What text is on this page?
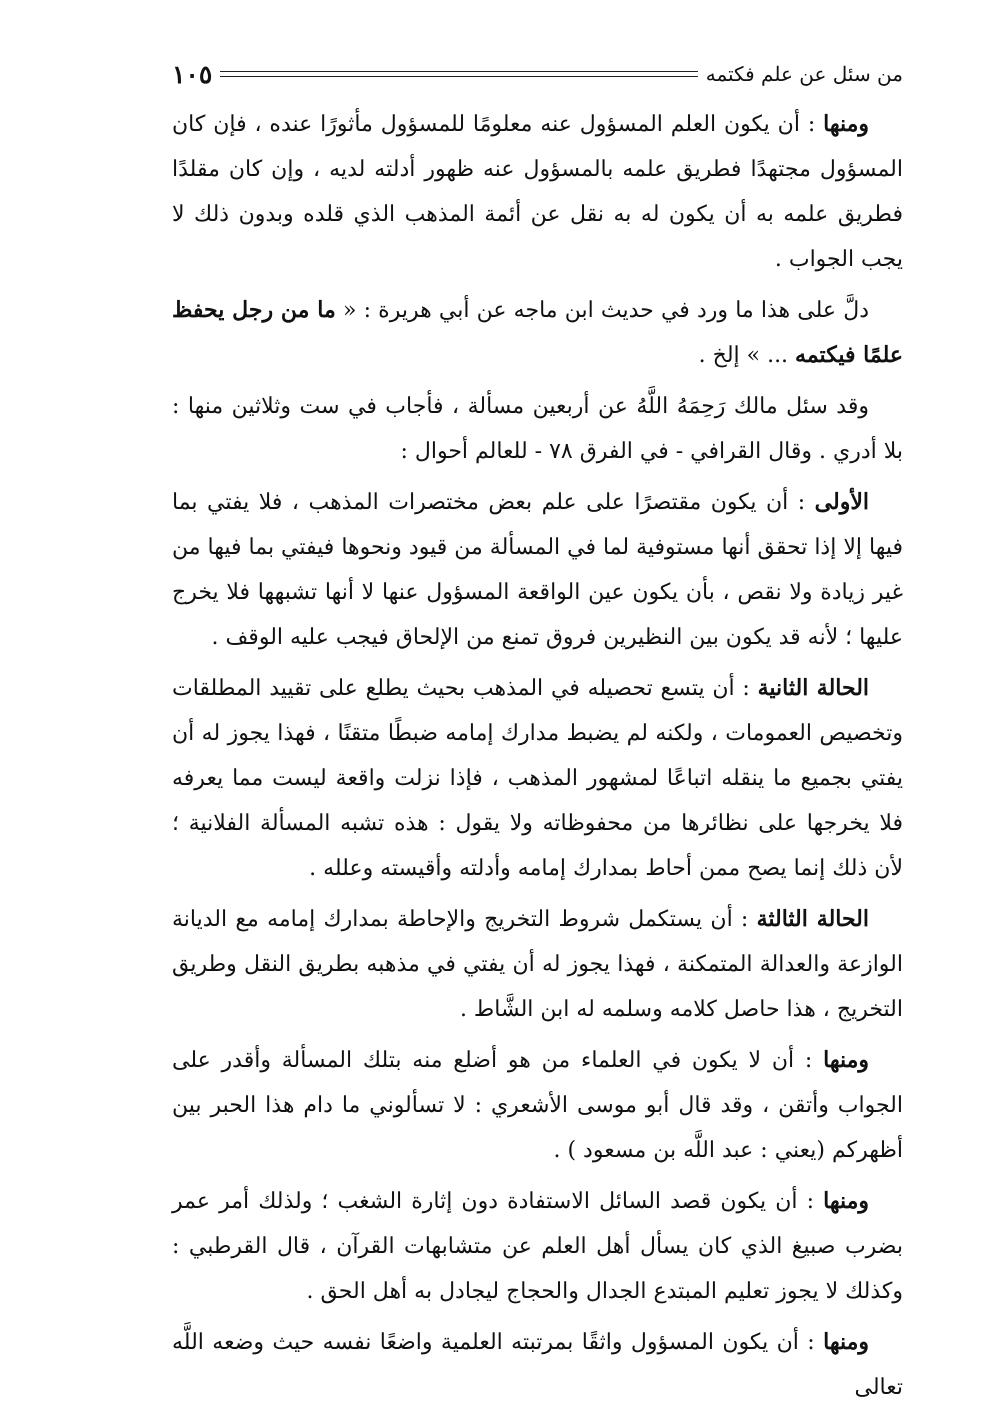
من سئل عن علم فكتمه
١٠٥

ومنها : أن يكون العلم المسؤول عنه معلومًا للمسؤول مأثورًا عنده ، فإن كان المسؤول مجتهدًا فطريق علمه بالمسؤول عنه ظهور أدلته لديه ، وإن كان مقلدًا فطريق علمه به أن يكون له به نقل عن أئمة المذهب الذي قلده وبدون ذلك لا يجب الجواب .

دلَّ على هذا ما ورد في حديث ابن ماجه عن أبي هريرة : « ما من رجل يحفظ علمًا فيكتمه ... » إلخ .

وقد سئل مالك رَحِمَهُ اللَّهُ عن أربعين مسألة ، فأجاب في ست وثلاثين منها : بلا أدري . وقال القرافي - في الفرق ٧٨ - للعالم أحوال :

الأولى : أن يكون مقتصرًا على علم بعض مختصرات المذهب ، فلا يفتي بما فيها إلا إذا تحقق أنها مستوفية لما في المسألة من قيود ونحوها فيفتي بما فيها من غير زيادة ولا نقص ، بأن يكون عين الواقعة المسؤول عنها لا أنها تشبهها فلا يخرج عليها ؛ لأنه قد يكون بين النظيرين فروق تمنع من الإلحاق فيجب عليه الوقف .

الحالة الثانية : أن يتسع تحصيله في المذهب بحيث يطلع على تقييد المطلقات وتخصيص العمومات ، ولكنه لم يضبط مدارك إمامه ضبطًا متقنًا ، فهذا يجوز له أن يفتي بجميع ما ينقله اتباعًا لمشهور المذهب ، فإذا نزلت واقعة ليست مما يعرفه فلا يخرجها على نظائرها من محفوظاته ولا يقول : هذه تشبه المسألة الفلانية ؛ لأن ذلك إنما يصح ممن أحاط بمدارك إمامه وأدلته وأقيسته وعلله .

الحالة الثالثة : أن يستكمل شروط التخريج والإحاطة بمدارك إمامه مع الديانة الوازعة والعدالة المتمكنة ، فهذا يجوز له أن يفتي في مذهبه بطريق النقل وطريق التخريج ، هذا حاصل كلامه وسلمه له ابن الشَّاط .

ومنها : أن لا يكون في العلماء من هو أضلع منه بتلك المسألة وأقدر على الجواب وأتقن ، وقد قال أبو موسى الأشعري : لا تسألوني ما دام هذا الحبر بين أظهركم (يعني : عبد اللَّه بن مسعود ) .

ومنها : أن يكون قصد السائل الاستفادة دون إثارة الشغب ؛ ولذلك أمر عمر بضرب صبيغ الذي كان يسأل أهل العلم عن متشابهات القرآن ، قال القرطبي : وكذلك لا يجوز تعليم المبتدع الجدال والحجاج ليجادل به أهل الحق .

ومنها : أن يكون المسؤول واثقًا بمرتبته العلمية واضعًا نفسه حيث وضعه اللَّه تعالى
